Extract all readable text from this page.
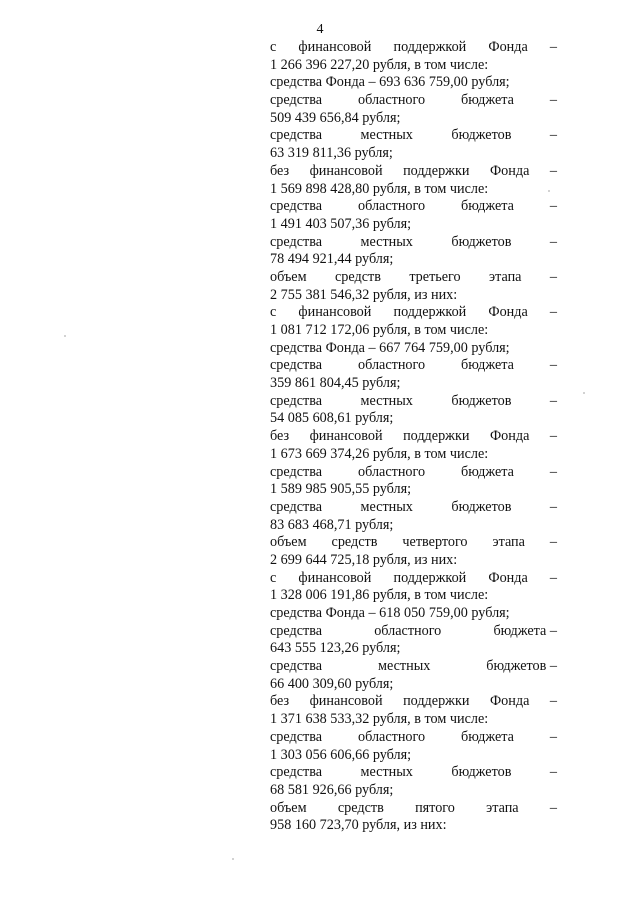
4
с финансовой поддержкой Фонда –
1 266 396 227,20 рубля, в том числе:
средства Фонда – 693 636 759,00 рубля;
средства	областного	бюджета	–
509 439 656,84 рубля;
средства	местных	бюджетов	–
63 319 811,36 рубля;
без финансовой поддержки Фонда –
1 569 898 428,80 рубля, в том числе:
средства	областного	бюджета	–
1 491 403 507,36 рубля;
средства	местных	бюджетов	–
78 494 921,44 рубля;
объем средств третьего этапа –
2 755 381 546,32 рубля, из них:
с финансовой поддержкой Фонда –
1 081 712 172,06 рубля, в том числе:
средства Фонда – 667 764 759,00 рубля;
средства	областного	бюджета	–
359 861 804,45 рубля;
средства	местных	бюджетов	–
54 085 608,61 рубля;
без финансовой поддержки Фонда –
1 673 669 374,26 рубля, в том числе:
средства	областного	бюджета	–
1 589 985 905,55 рубля;
средства	местных	бюджетов	–
83 683 468,71 рубля;
объем средств четвертого этапа –
2 699 644 725,18 рубля, из них:
с финансовой поддержкой Фонда –
1 328 006 191,86 рубля, в том числе:
средства Фонда – 618 050 759,00 рубля;
средства	областного	бюджета –
643 555 123,26 рубля;
средства	местных	бюджетов –
66 400 309,60 рубля;
без финансовой поддержки Фонда –
1 371 638 533,32 рубля, в том числе:
средства	областного	бюджета	–
1 303 056 606,66 рубля;
средства	местных	бюджетов	–
68 581 926,66 рубля;
объем средств пятого этапа –
958 160 723,70 рубля, из них:
